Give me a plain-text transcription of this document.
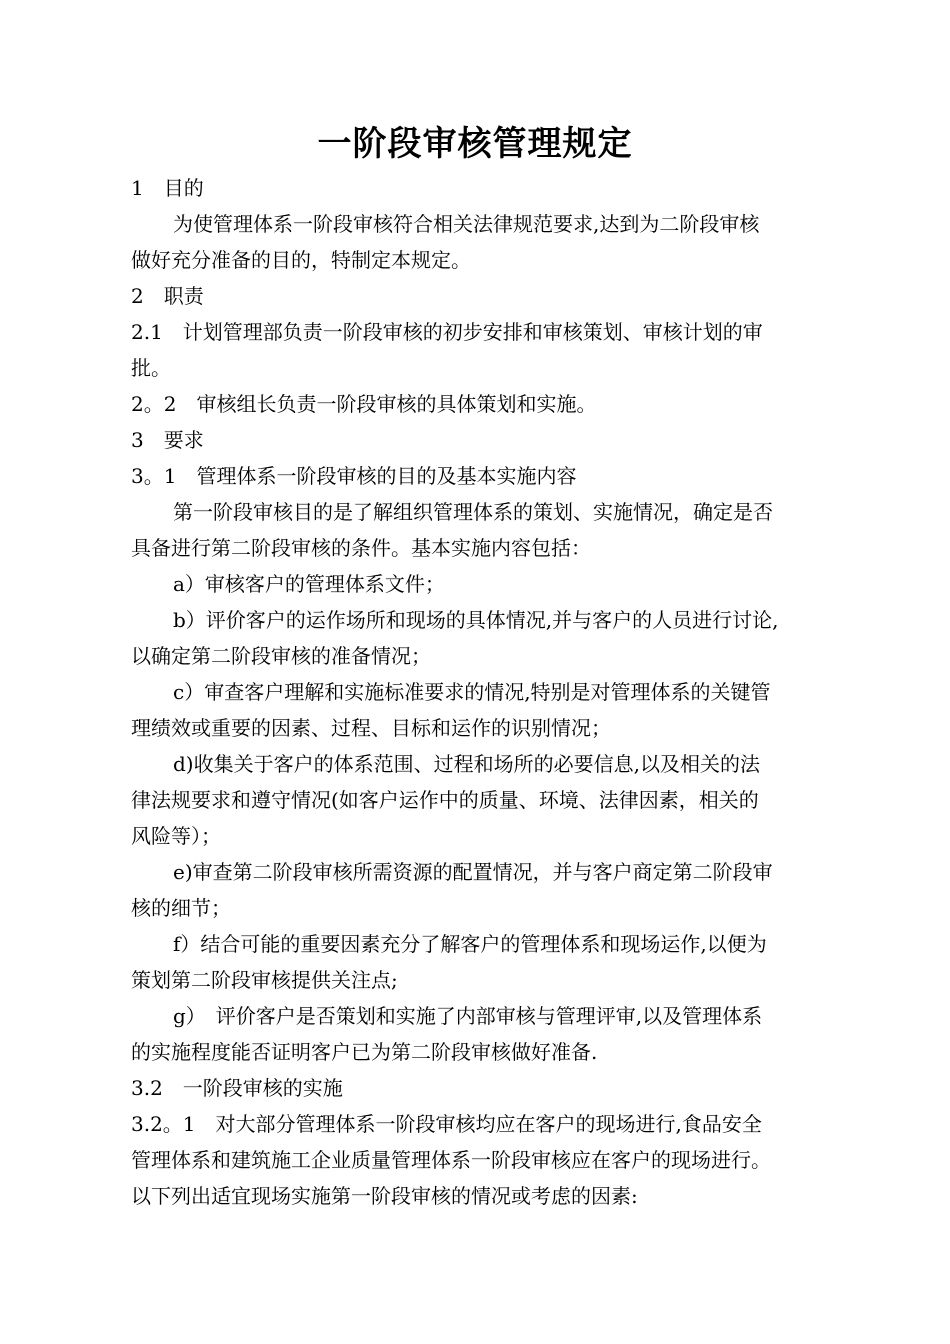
一阶段审核管理规定

1　目的

为使管理体系一阶段审核符合相关法律规范要求,达到为二阶段审核

做好充分准备的目的，特制定本规定。

2　职责

2.1　计划管理部负责一阶段审核的初步安排和审核策划、审核计划的审

批。

2。2　审核组长负责一阶段审核的具体策划和实施。

3　要求

3。1　管理体系一阶段审核的目的及基本实施内容

第一阶段审核目的是了解组织管理体系的策划、实施情况，确定是否

具备进行第二阶段审核的条件。基本实施内容包括：

a）审核客户的管理体系文件；

b）评价客户的运作场所和现场的具体情况,并与客户的人员进行讨论,

以确定第二阶段审核的准备情况；

c）审查客户理解和实施标准要求的情况,特别是对管理体系的关键管

理绩效或重要的因素、过程、目标和运作的识别情况；

d)收集关于客户的体系范围、过程和场所的必要信息,以及相关的法

律法规要求和遵守情况(如客户运作中的质量、环境、法律因素，相关的

风险等）；

e)审查第二阶段审核所需资源的配置情况，并与客户商定第二阶段审

核的细节；

f）结合可能的重要因素充分了解客户的管理体系和现场运作,以便为

策划第二阶段审核提供关注点;

g）　评价客户是否策划和实施了内部审核与管理评审,以及管理体系

的实施程度能否证明客户已为第二阶段审核做好准备.

3.2　一阶段审核的实施

3.2。1　对大部分管理体系一阶段审核均应在客户的现场进行,食品安全

管理体系和建筑施工企业质量管理体系一阶段审核应在客户的现场进行。

以下列出适宜现场实施第一阶段审核的情况或考虑的因素:
